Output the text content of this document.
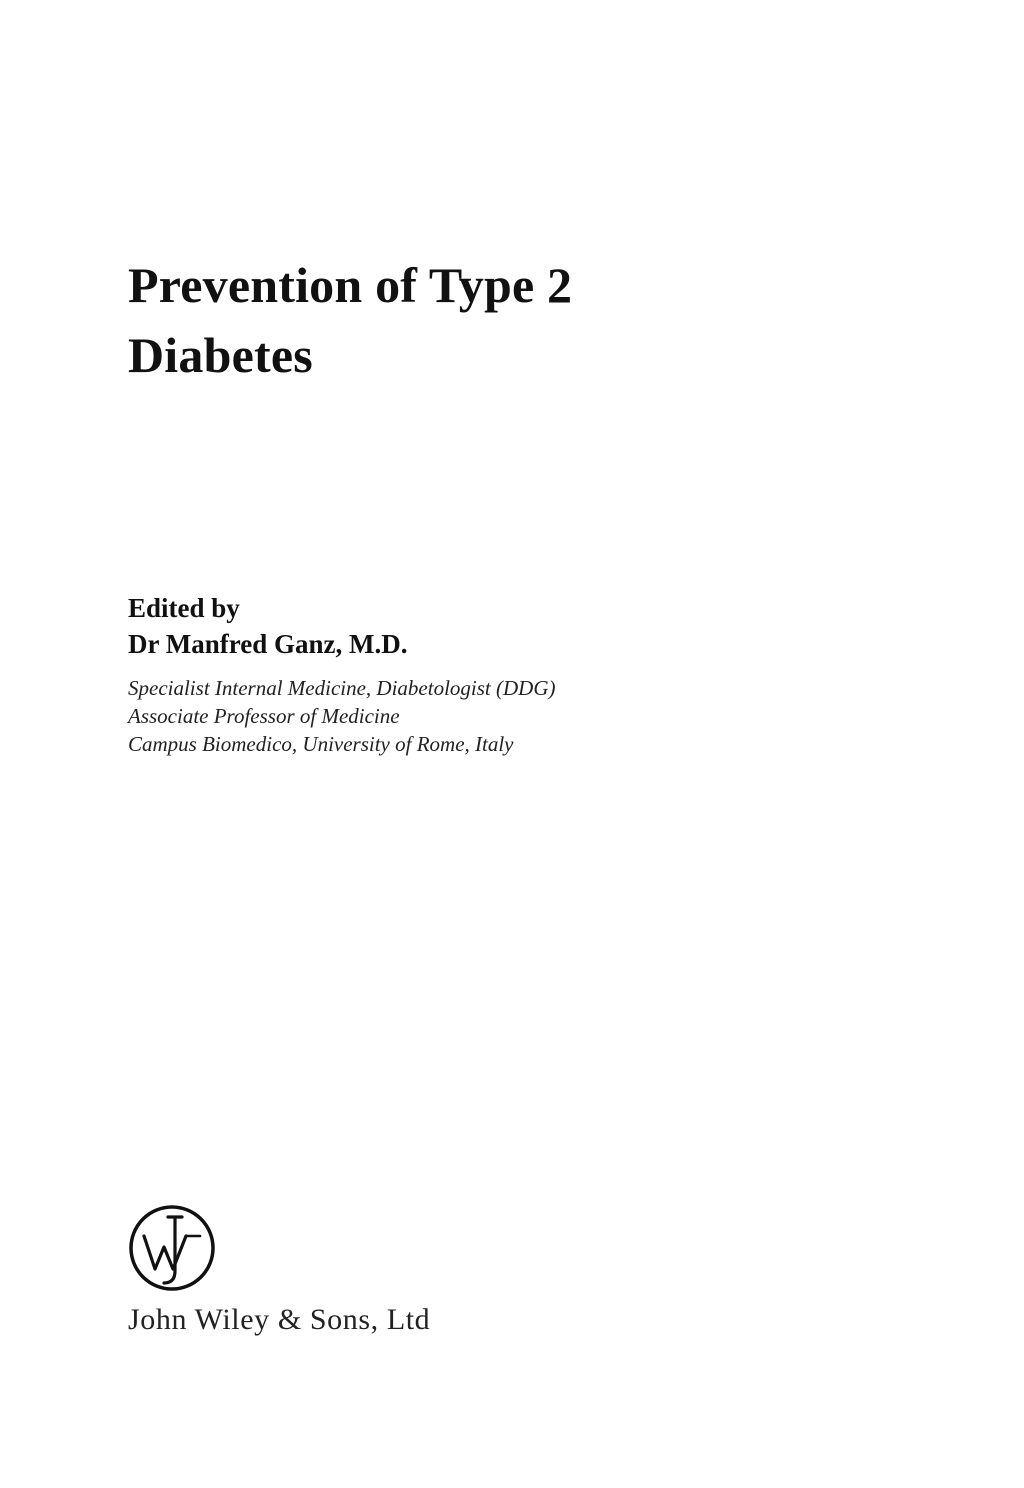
Prevention of Type 2
Diabetes
Edited by
Dr Manfred Ganz, M.D.
Specialist Internal Medicine, Diabetologist (DDG)
Associate Professor of Medicine
Campus Biomedico, University of Rome, Italy
John Wiley & Sons, Ltd
